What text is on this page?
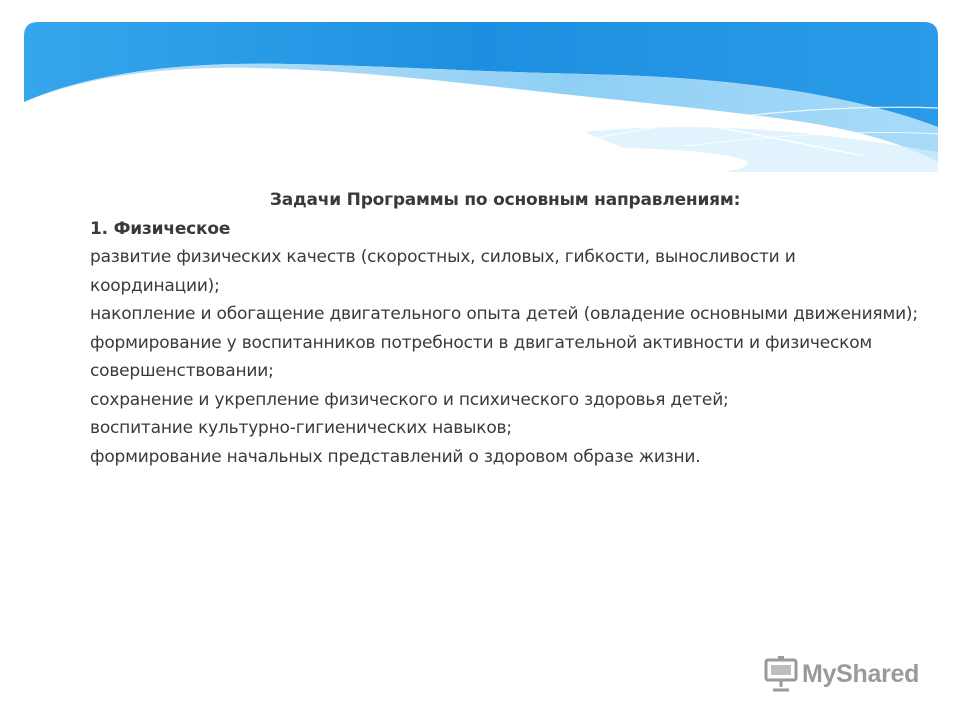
Задачи Программы по основным направлениям:
1. Физическое

развитие физических качеств (скоростных, силовых, гибкости, выносливости и координации);

накопление и обогащение двигательного опыта детей (овладение основными движениями);

формирование у воспитанников потребности в двигательной активности и физическом совершенствовании;

сохранение и укрепление физического и психического здоровья детей;

воспитание культурно-гигиенических навыков;

формирование начальных представлений о здоровом образе жизни.

MyShared
